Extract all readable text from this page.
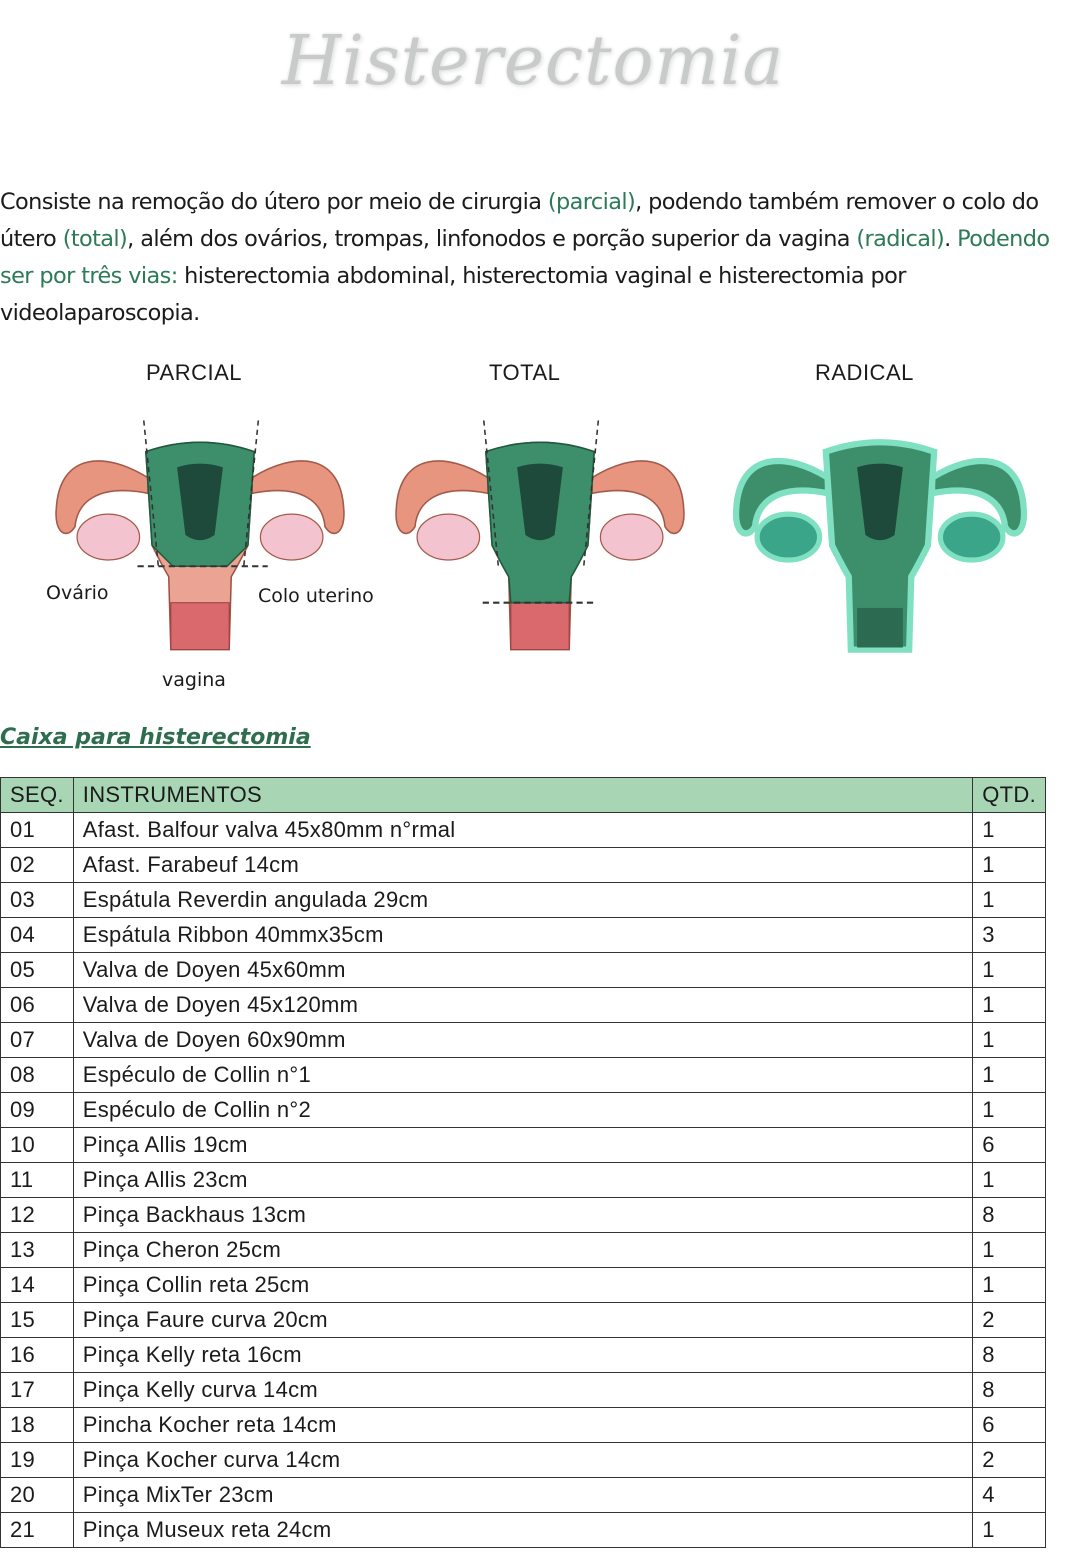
Histerectomia

Consiste na remoção do útero por meio de cirurgia (parcial), podendo também remover o colo do útero (total), além dos ovários, trompas, linfonodos e porção superior da vagina (radical). Podendo ser por três vias: histerectomia abdominal, histerectomia vaginal e histerectomia por videolaparoscopia.

PARCIAL	TOTAL	RADICAL
Ovário	Colo uterino
vagina
Caixa para histerectomia
SEQ.	INSTRUMENTOS	QTD.
01	Afast. Balfour valva 45x80mm n°rmal	1
02	Afast. Farabeuf 14cm	1
03	Espátula Reverdin angulada 29cm	1
04	Espátula Ribbon 40mmx35cm	3
05	Valva de Doyen 45x60mm	1
06	Valva de Doyen 45x120mm	1
07	Valva de Doyen 60x90mm	1
08	Espéculo de Collin n°1	1
09	Espéculo de Collin n°2	1
10	Pinça Allis 19cm	6
11	Pinça Allis 23cm	1
12	Pinça Backhaus 13cm	8
13	Pinça Cheron 25cm	1
14	Pinça Collin reta 25cm	1
15	Pinça Faure curva 20cm	2
16	Pinça Kelly reta 16cm	8
17	Pinça Kelly curva 14cm	8
18	Pincha Kocher reta 14cm	6
19	Pinça Kocher curva 14cm	2
20	Pinça MixTer 23cm	4
21	Pinça Museux reta 24cm	1
